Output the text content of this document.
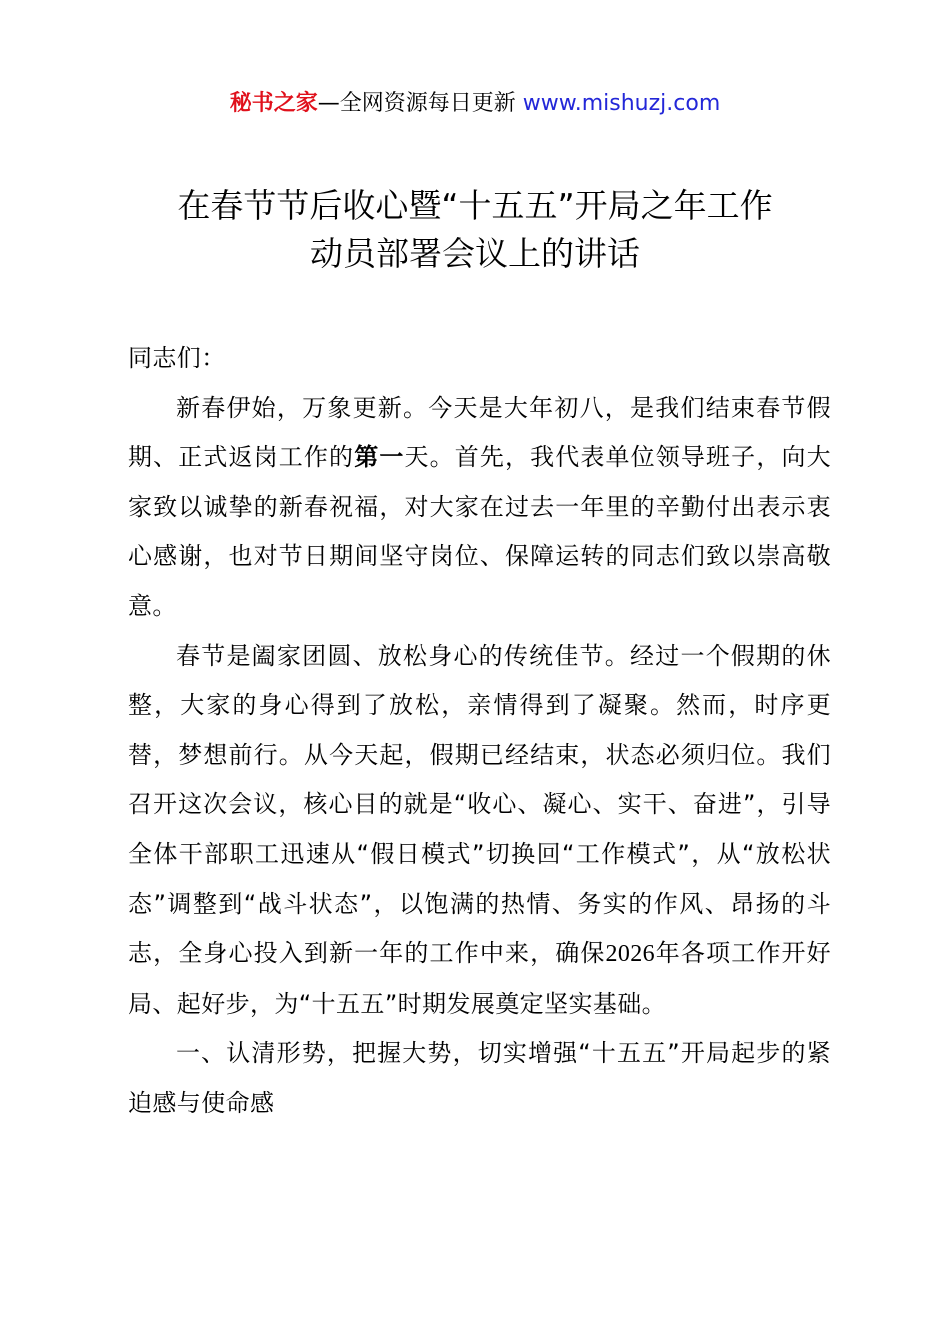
秘书之家—全网资源每日更新 www.mishuzj.com
在春节节后收心暨“十五五”开局之年工作
动员部署会议上的讲话

同志们：

新春伊始，万象更新。今天是大年初八，是我们结束春节假期、正式返岗工作的第一天。首先，我代表单位领导班子，向大家致以诚挚的新春祝福，对大家在过去一年里的辛勤付出表示衷心感谢，也对节日期间坚守岗位、保障运转的同志们致以崇高敬意。

春节是阖家团圆、放松身心的传统佳节。经过一个假期的休整，大家的身心得到了放松，亲情得到了凝聚。然而，时序更替，梦想前行。从今天起，假期已经结束，状态必须归位。我们召开这次会议，核心目的就是“收心、凝心、实干、奋进”，引导全体干部职工迅速从“假日模式”切换回“工作模式”，从“放松状态”调整到“战斗状态”，以饱满的热情、务实的作风、昂扬的斗志，全身心投入到新一年的工作中来，确保2026年各项工作开好局、起好步，为“十五五”时期发展奠定坚实基础。

一、认清形势，把握大势，切实增强“十五五”开局起步的紧迫感与使命感
